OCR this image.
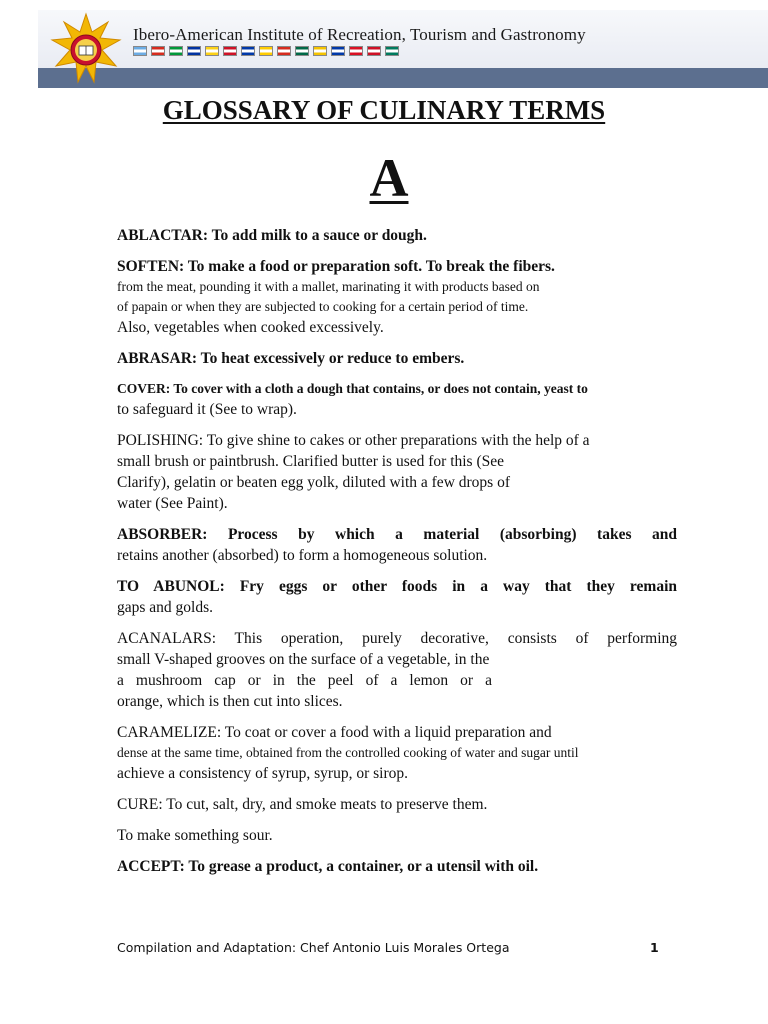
Ibero-American Institute of Recreation, Tourism and Gastronomy
GLOSSARY OF CULINARY TERMS
A

ABLACTAR: To add milk to a sauce or dough.

SOFTEN: To make a food or preparation soft. To break the fibers.

from the meat, pounding it with a mallet, marinating it with products based on

of papain or when they are subjected to cooking for a certain period of time.

Also, vegetables when cooked excessively.

ABRASAR: To heat excessively or reduce to embers.

COVER: To cover with a cloth a dough that contains, or does not contain, yeast to

to safeguard it (See to wrap).

POLISHING: To give shine to cakes or other preparations with the help of a

small brush or paintbrush. Clarified butter is used for this (See

Clarify), gelatin or beaten egg yolk, diluted with a few drops of

water (See Paint).

ABSORBER: Process by which a material (absorbing) takes and

retains another (absorbed) to form a homogeneous solution.

TO ABUNOL: Fry eggs or other foods in a way that they remain

gaps and golds.

ACANALARS: This operation, purely decorative, consists of performing

small V-shaped grooves on the surface of a vegetable, in the

a mushroom cap or in the peel of a lemon or a

orange, which is then cut into slices.

CARAMELIZE: To coat or cover a food with a liquid preparation and

dense at the same time, obtained from the controlled cooking of water and sugar until

achieve a consistency of syrup, syrup, or sirop.

CURE: To cut, salt, dry, and smoke meats to preserve them.

To make something sour.

ACCEPT: To grease a product, a container, or a utensil with oil.

Compilation and Adaptation: Chef Antonio Luis Morales Ortega	1
